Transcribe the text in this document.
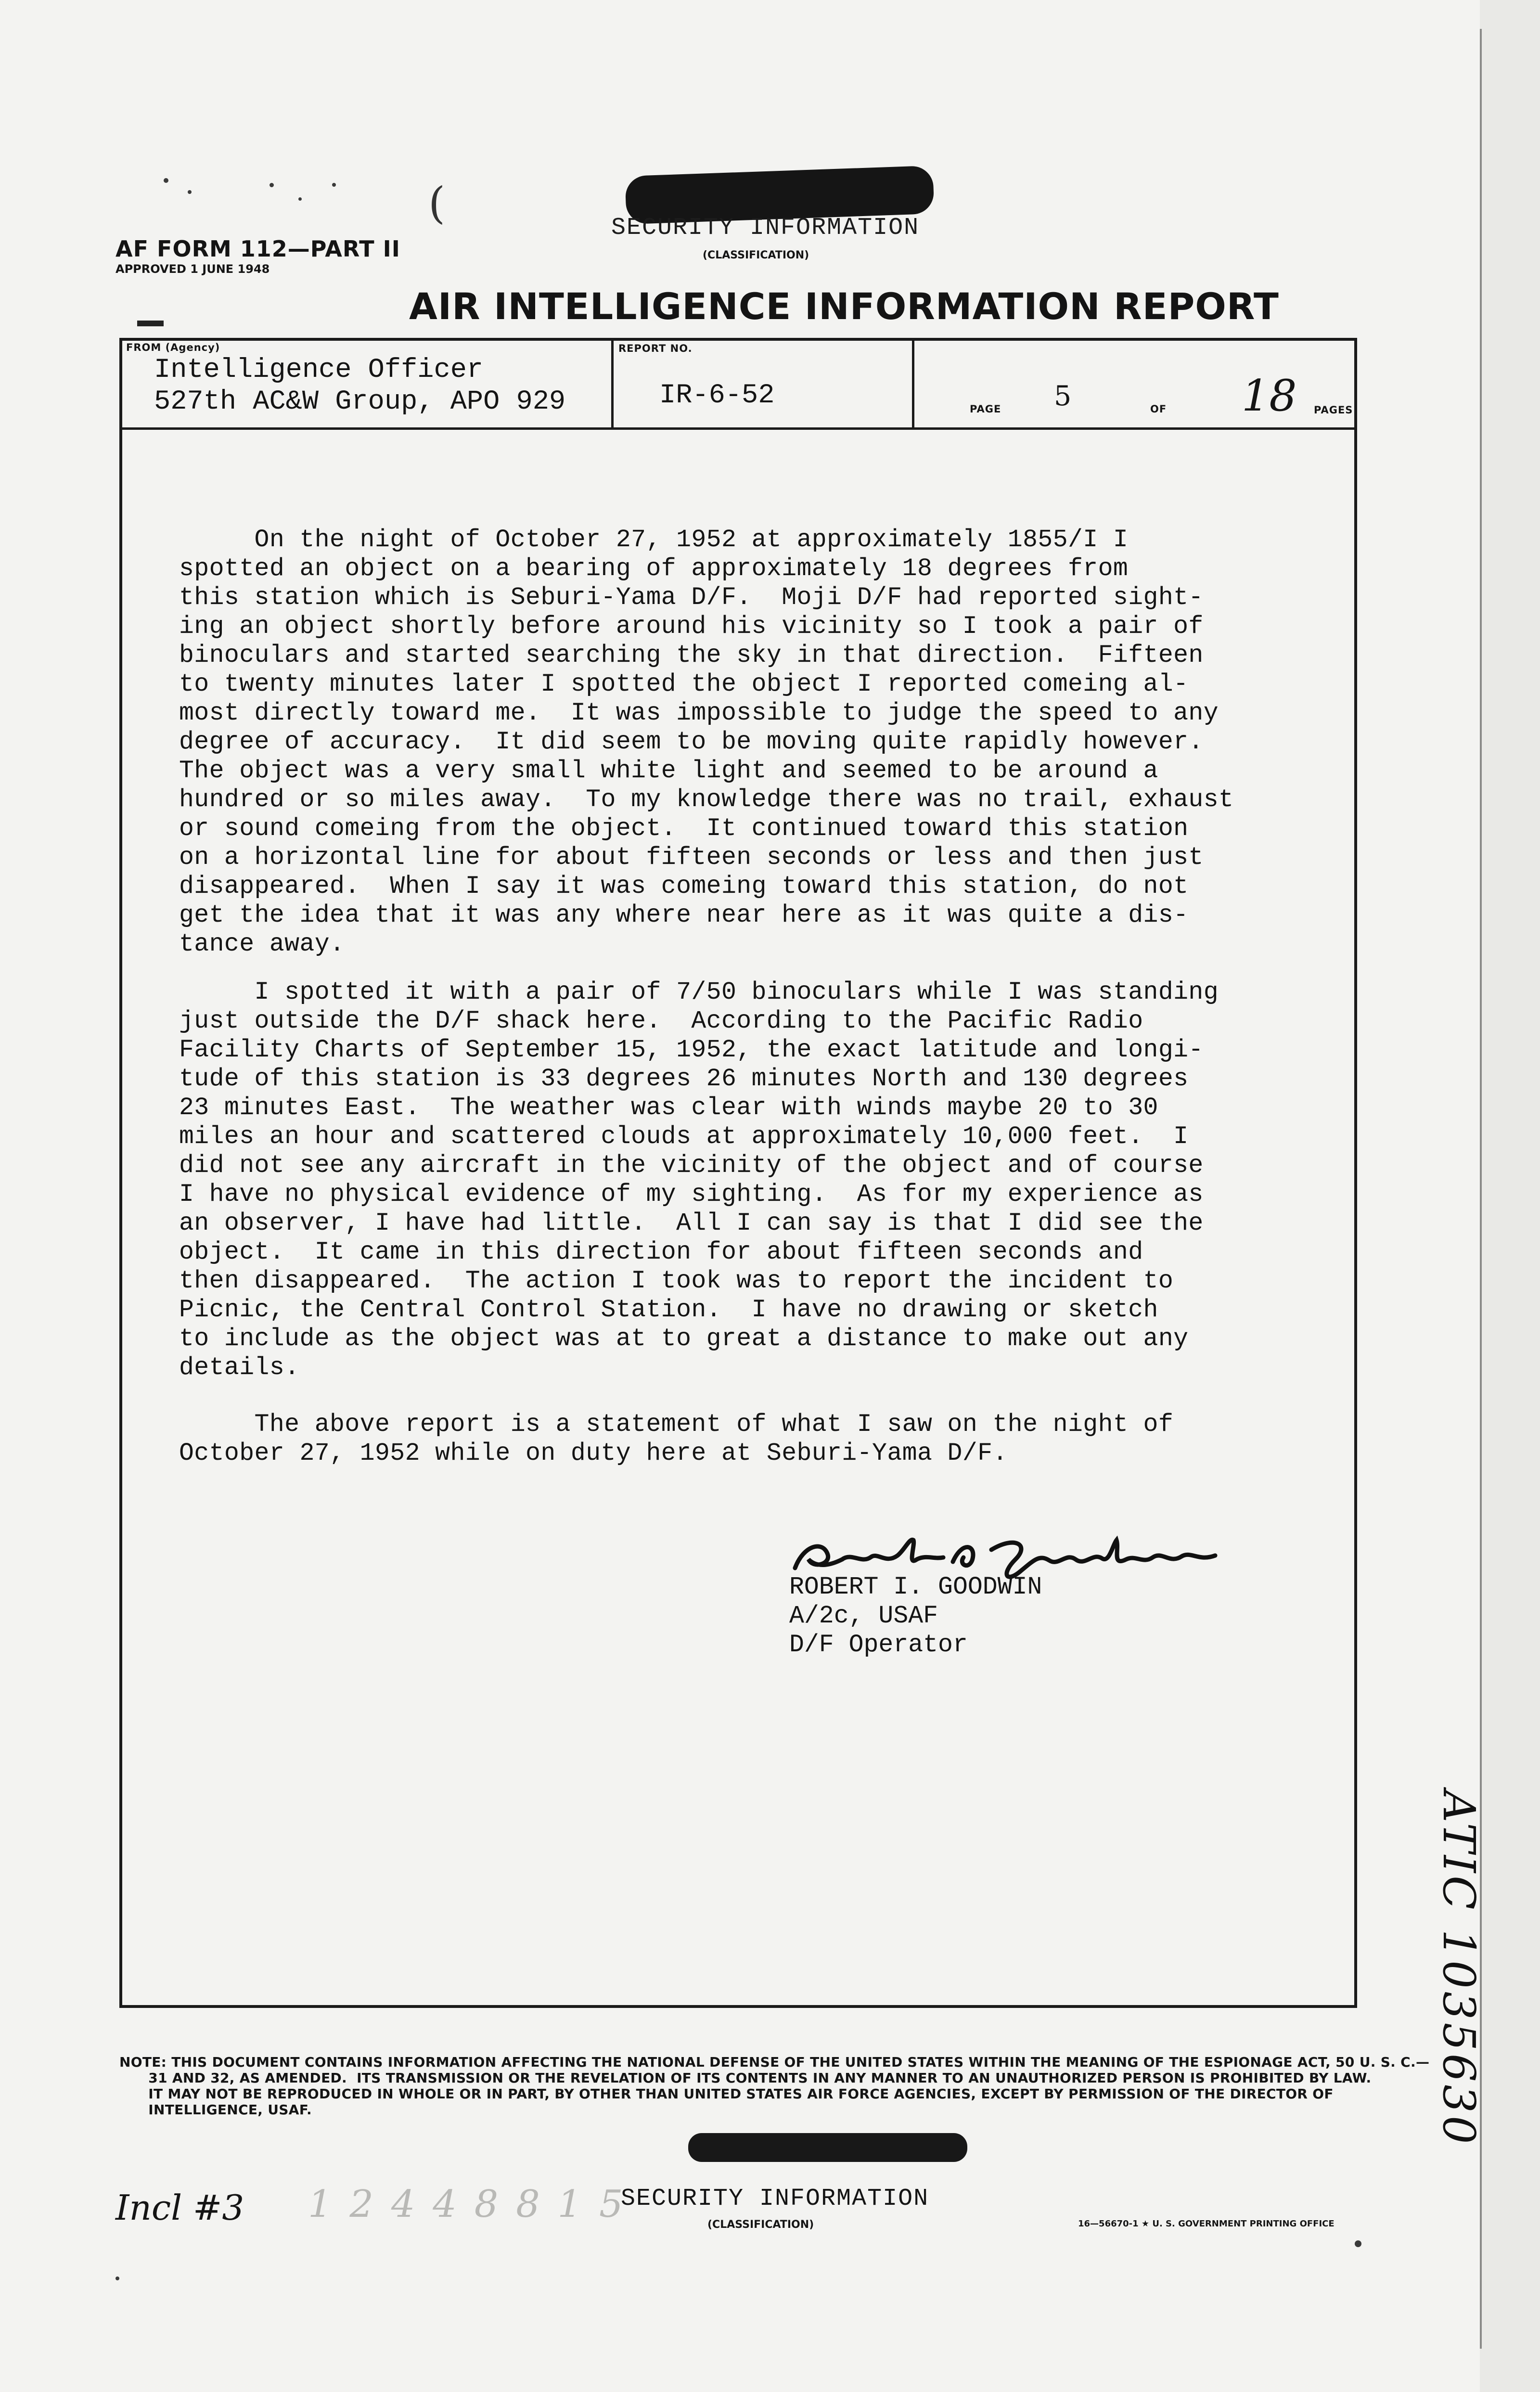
(	SECURITY INFORMATION
(CLASSIFICATION)
AF FORM 112—PART II
APPROVED 1 JUNE 1948
AIR INTELLIGENCE INFORMATION REPORT
FROM (Agency)
Intelligence Officer
527th AC&W Group, APO 929
REPORT NO.
IR-6-52	PAGE 5	OF 18 PAGES
On the night of October 27, 1952 at approximately 1855/I I
spotted an object on a bearing of approximately 18 degrees from
this station which is Seburi-Yama D/F.  Moji D/F had reported sight-
ing an object shortly before around his vicinity so I took a pair of
binoculars and started searching the sky in that direction.  Fifteen
to twenty minutes later I spotted the object I reported comeing al-
most directly toward me.  It was impossible to judge the speed to any
degree of accuracy.  It did seem to be moving quite rapidly however.
The object was a very small white light and seemed to be around a
hundred or so miles away.  To my knowledge there was no trail, exhaust
or sound comeing from the object.  It continued toward this station
on a horizontal line for about fifteen seconds or less and then just
disappeared.  When I say it was comeing toward this station, do not
get the idea that it was any where near here as it was quite a dis-
tance away.
I spotted it with a pair of 7/50 binoculars while I was standing
just outside the D/F shack here.  According to the Pacific Radio
Facility Charts of September 15, 1952, the exact latitude and longi-
tude of this station is 33 degrees 26 minutes North and 130 degrees
23 minutes East.  The weather was clear with winds maybe 20 to 30
miles an hour and scattered clouds at approximately 10,000 feet.  I
did not see any aircraft in the vicinity of the object and of course
I have no physical evidence of my sighting.  As for my experience as
an observer, I have had little.  All I can say is that I did see the
object.  It came in this direction for about fifteen seconds and
then disappeared.  The action I took was to report the incident to
Picnic, the Central Control Station.  I have no drawing or sketch
to include as the object was at to great a distance to make out any
details.
The above report is a statement of what I saw on the night of
October 27, 1952 while on duty here at Seburi-Yama D/F.
ROBERT I. GOODWIN
A/2c, USAF
D/F Operator
NOTE: THIS DOCUMENT CONTAINS INFORMATION AFFECTING THE NATIONAL DEFENSE OF THE UNITED STATES WITHIN THE MEANING OF THE ESPIONAGE ACT, 50 U. S. C.—
31 AND 32, AS AMENDED.  ITS TRANSMISSION OR THE REVELATION OF ITS CONTENTS IN ANY MANNER TO AN UNAUTHORIZED PERSON IS PROHIBITED BY LAW.
IT MAY NOT BE REPRODUCED IN WHOLE OR IN PART, BY OTHER THAN UNITED STATES AIR FORCE AGENCIES, EXCEPT BY PERMISSION OF THE DIRECTOR OF
INTELLIGENCE, USAF.
SECURITY INFORMATION
(CLASSIFICATION)
Incl #3 1 2 4 4 8 8 1 5	16—56670-1 ★ U. S. GOVERNMENT PRINTING OFFICE
ATIC 1035630
